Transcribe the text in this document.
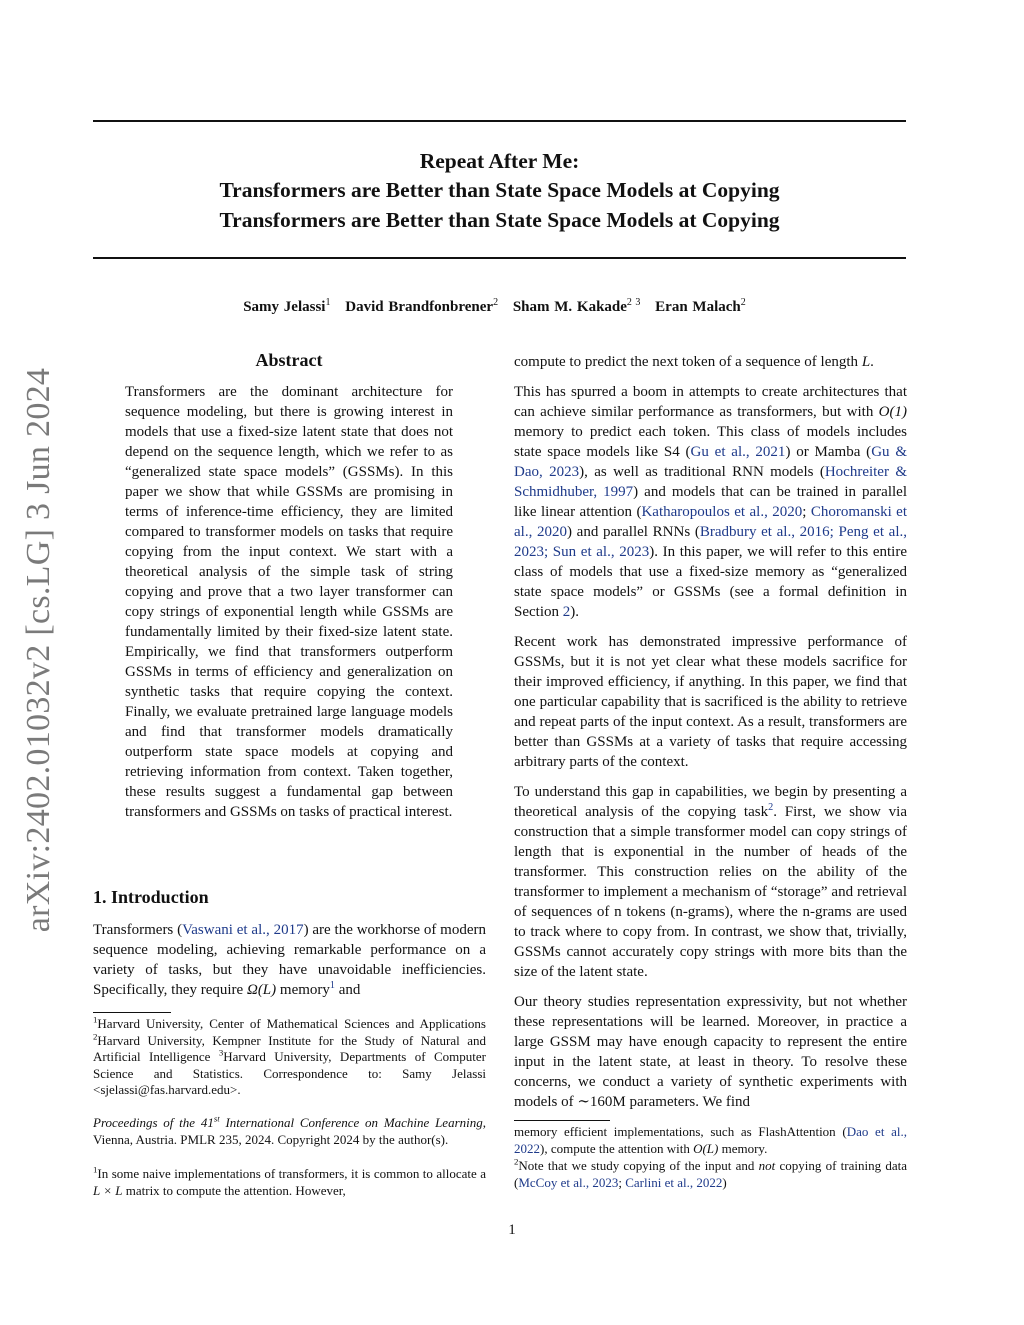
arXiv:2402.01032v2 [cs.LG] 3 Jun 2024
Repeat After Me:
Transformers are Better than State Space Models at Copying
Transformers are Better than State Space Models at Copying
Samy Jelassi$^1$ David Brandfonbrener$^2$ Sham M. Kakade$^{2 3}$ Eran Malach$^2$
Abstract

Transformers are the dominant architecture for sequence modeling, but there is growing interest in models that use a fixed-size latent state that does not depend on the sequence length, which we refer to as “generalized state space models” (GSSMs). In this paper we show that while GSSMs are promising in terms of inference-time efficiency, they are limited compared to transformer models on tasks that require copying from the input context. We start with a theoretical analysis of the simple task of string copying and prove that a two layer transformer can copy strings of exponential length while GSSMs are fundamentally limited by their fixed-size latent state. Empirically, we find that transformers outperform GSSMs in terms of efficiency and generalization on synthetic tasks that require copying the context. Finally, we evaluate pretrained large language models and find that transformer models dramatically outperform state space models at copying and retrieving information from context. Taken together, these results suggest a fundamental gap between transformers and GSSMs on tasks of practical interest.

1. Introduction

Transformers (Vaswani et al., 2017) are the workhorse of modern sequence modeling, achieving remarkable performance on a variety of tasks, but they have unavoidable inefficiencies. Specifically, they require Ω(L) memory$^1$ and

$^1$Harvard University, Center of Mathematical Sciences and Applications $^2$Harvard University, Kempner Institute for the Study of Natural and Artificial Intelligence $^3$Harvard University, Departments of Computer Science and Statistics. Correspondence to: Samy Jelassi <sjelassi@fas.harvard.edu>.

Proceedings of the 41st International Conference on Machine Learning, Vienna, Austria. PMLR 235, 2024. Copyright 2024 by the author(s).

$^1$In some naive implementations of transformers, it is common to allocate a L × L matrix to compute the attention. However,

compute to predict the next token of a sequence of length L.

This has spurred a boom in attempts to create architectures that can achieve similar performance as transformers, but with O(1) memory to predict each token. This class of models includes state space models like S4 (Gu et al., 2021) or Mamba (Gu & Dao, 2023), as well as traditional RNN models (Hochreiter & Schmidhuber, 1997) and models that can be trained in parallel like linear attention (Katharopoulos et al., 2020; Choromanski et al., 2020) and parallel RNNs (Bradbury et al., 2016; Peng et al., 2023; Sun et al., 2023). In this paper, we will refer to this entire class of models that use a fixed-size memory as “generalized state space models” or GSSMs (see a formal definition in Section 2).

Recent work has demonstrated impressive performance of GSSMs, but it is not yet clear what these models sacrifice for their improved efficiency, if anything. In this paper, we find that one particular capability that is sacrificed is the ability to retrieve and repeat parts of the input context. As a result, transformers are better than GSSMs at a variety of tasks that require accessing arbitrary parts of the context.

To understand this gap in capabilities, we begin by presenting a theoretical analysis of the copying task$^2$. First, we show via construction that a simple transformer model can copy strings of length that is exponential in the number of heads of the transformer. This construction relies on the ability of the transformer to implement a mechanism of “storage” and retrieval of sequences of n tokens (n-grams), where the n-grams are used to track where to copy from. In contrast, we show that, trivially, GSSMs cannot accurately copy strings with more bits than the size of the latent state.

Our theory studies representation expressivity, but not whether these representations will be learned. Moreover, in practice a large GSSM may have enough capacity to represent the entire input in the latent state, at least in theory. To resolve these concerns, we conduct a variety of synthetic experiments with models of ∼160M parameters. We find

memory efficient implementations, such as FlashAttention (Dao et al., 2022), compute the attention with O(L) memory.

$^2$Note that we study copying of the input and not copying of training data (McCoy et al., 2023; Carlini et al., 2022)

1
